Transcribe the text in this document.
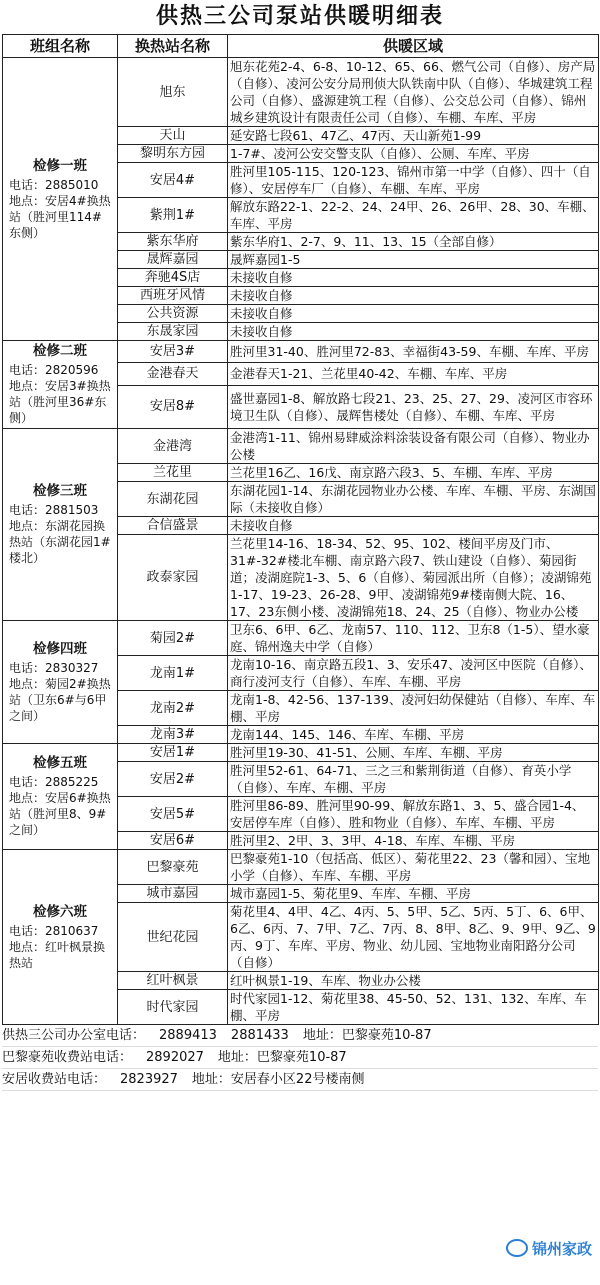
供热三公司泵站供暖明细表
班组名称	换热站名称	供暖区域

检修一班
电话：2885010
地点：安居4#换热站（胜河里114#东侧）	旭东	旭东花苑2-4、6-8、10-12、65、66、燃气公司（自修）、房产局（自修）、凌河公安分局刑侦大队铁南中队（自修）、华城建筑工程公司（自修）、盛源建筑工程（自修）、公交总公司（自修）、锦州城乡建筑设计有限责任公司（自修）、车棚、车库、平房
	天山	延安路七段61、47乙、47丙、天山新苑1-99
	黎明东方园	1-7#、凌河公安交警支队（自修）、公厕、车库、平房
	安居4#	胜河里105-115、120-123、锦州市第一中学（自修）、四十（自修）、安居停车厂（自修）、车棚、车库、平房
	紫荆1#	解放东路22-1、22-2、24、24甲、26、26甲、28、30、车棚、车库、平房
	紫东华府	紫东华府1、2-7、9、11、13、15（全部自修）
	晟辉嘉园	晟辉嘉园1-5
	奔驰4S店	未接收自修
	西班牙风情	未接收自修
	公共资源	未接收自修
	东晟家园	未接收自修

检修二班
电话：2820596
地点：安居3#换热站（胜河里36#东侧）	安居3#	胜河里31-40、胜河里72-83、幸福街43-59、车棚、车库、平房
	金港春天	金港春天1-21、兰花里40-42、车棚、车库、平房
	安居8#	盛世嘉园1-8、解放路七段21、23、25、27、29、凌河区市容环境卫生队（自修）、晟辉售楼处（自修）、车棚、车库、平房

检修三班
电话：2881503
地点：东湖花园换热站（东湖花园1#楼北）	金港湾	金港湾1-11、锦州易肆威涂料涂装设备有限公司（自修）、物业办公楼
	兰花里	兰花里16乙、16戊、南京路六段3、5、车棚、车库、平房
	东湖花园	东湖花园1-14、东湖花园物业办公楼、车库、车棚、平房、东湖国际（未接收自修）
	合信盛景	未接收自修
	政泰家园	兰花里14-16、18-34、52、95、102、楼间平房及门市、31#-32#楼北车棚、南京路六段7、铁山建设（自修）、菊园街道；凌湖庭院1-3、5、6（自修）、菊园派出所（自修）；凌湖锦苑1-17、19-23、26-28、9甲、凌湖锦苑9#楼南侧大院、16、17、23东侧小楼、凌湖锦苑18、24、25（自修）、物业办公楼

检修四班
电话：2830327
地点：菊园2#换热站（卫东6#与6甲之间）	菊园2#	卫东6、6甲、6乙、龙南57、110、112、卫东8（1-5）、望水豪庭、锦州逸夫中学（自修）
	龙南1#	龙南10-16、南京路五段1、3、安乐47、凌河区中医院（自修）、商行凌河支行（自修）、车库、车棚、平房
	龙南2#	龙南1-8、42-56、137-139、凌河妇幼保健站（自修）、车库、车棚、平房
	龙南3#	龙南144、145、146、车库、车棚、平房

检修五班
电话：2885225
地点：安居6#换热站（胜河里8、9#之间）	安居1#	胜河里19-30、41-51、公厕、车库、车棚、平房
	安居2#	胜河里52-61、64-71、三之三和紫荆街道（自修）、育英小学（自修）、车库、车棚、平房
	安居5#	胜河里86-89、胜河里90-99、解放东路1、3、5、盛合园1-4、安居停车库（自修）、胜和物业（自修）、车库、车棚、平房
	安居6#	胜河里2、2甲、3、3甲、4-18、车库、车棚、平房

检修六班
电话：2810637
地点：红叶枫景换热站	巴黎豪苑	巴黎豪苑1-10（包括高、低区）、菊花里22、23（馨和园）、宝地小学（自修）、车库、车棚、平房
	城市嘉园	城市嘉园1-5、菊花里9、车库、车棚、平房
	世纪花园	菊花里4、4甲、4乙、4丙、5、5甲、5乙、5丙、5丁、6、6甲、6乙、6丙、7、7甲、7乙、7丙、8、8甲、8乙、9、9甲、9乙、9丙、9丁、车库、平房、物业、幼儿园、宝地物业南阳路分公司（自修）
	红叶枫景	红叶枫景1-19、车库、物业办公楼
	时代家园	时代家园1-12、菊花里38、45-50、52、131、132、车库、车棚、平房
供热三公司办公室电话： 2889413 2881433 地址：巴黎豪苑10-87
巴黎豪苑收费站电话： 2892027 地址：巴黎豪苑10-87
安居收费站电话： 2823927 地址：安居春小区22号楼南侧
锦州家政
